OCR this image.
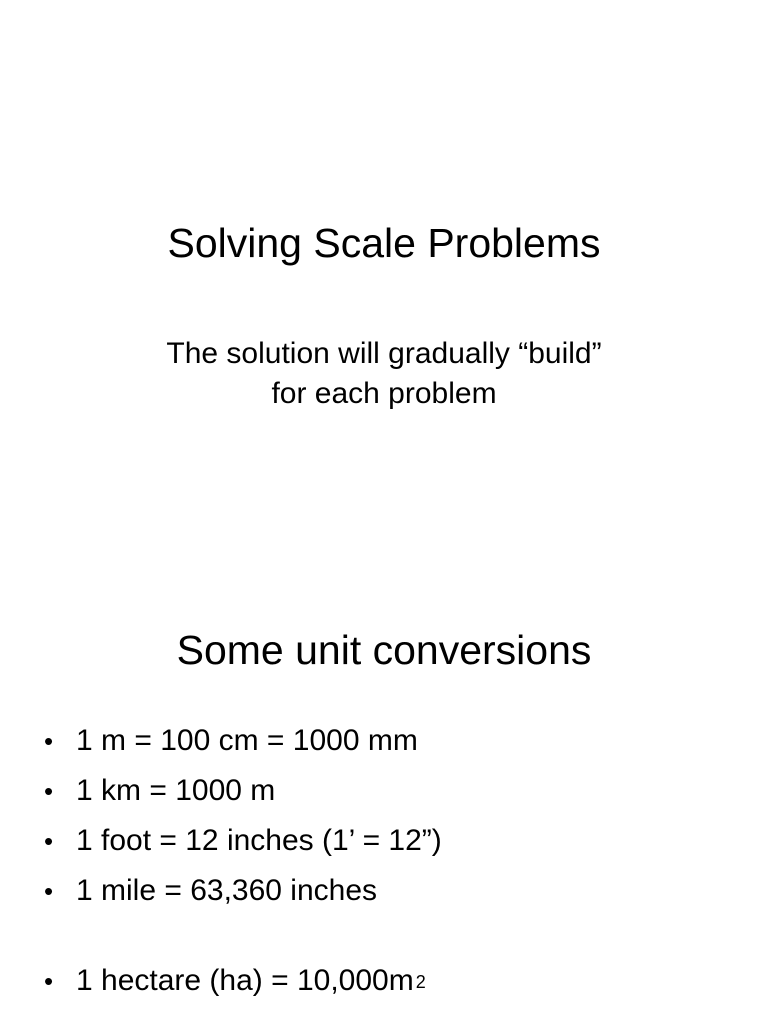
Solving Scale Problems

The solution will gradually “build”
for each problem

Some unit conversions
• 1 m = 100 cm = 1000 mm
• 1 km = 1000 m
• 1 foot = 12 inches (1’ = 12”)
• 1 mile = 63,360 inches
• 1 hectare (ha) = 10,000m 2
